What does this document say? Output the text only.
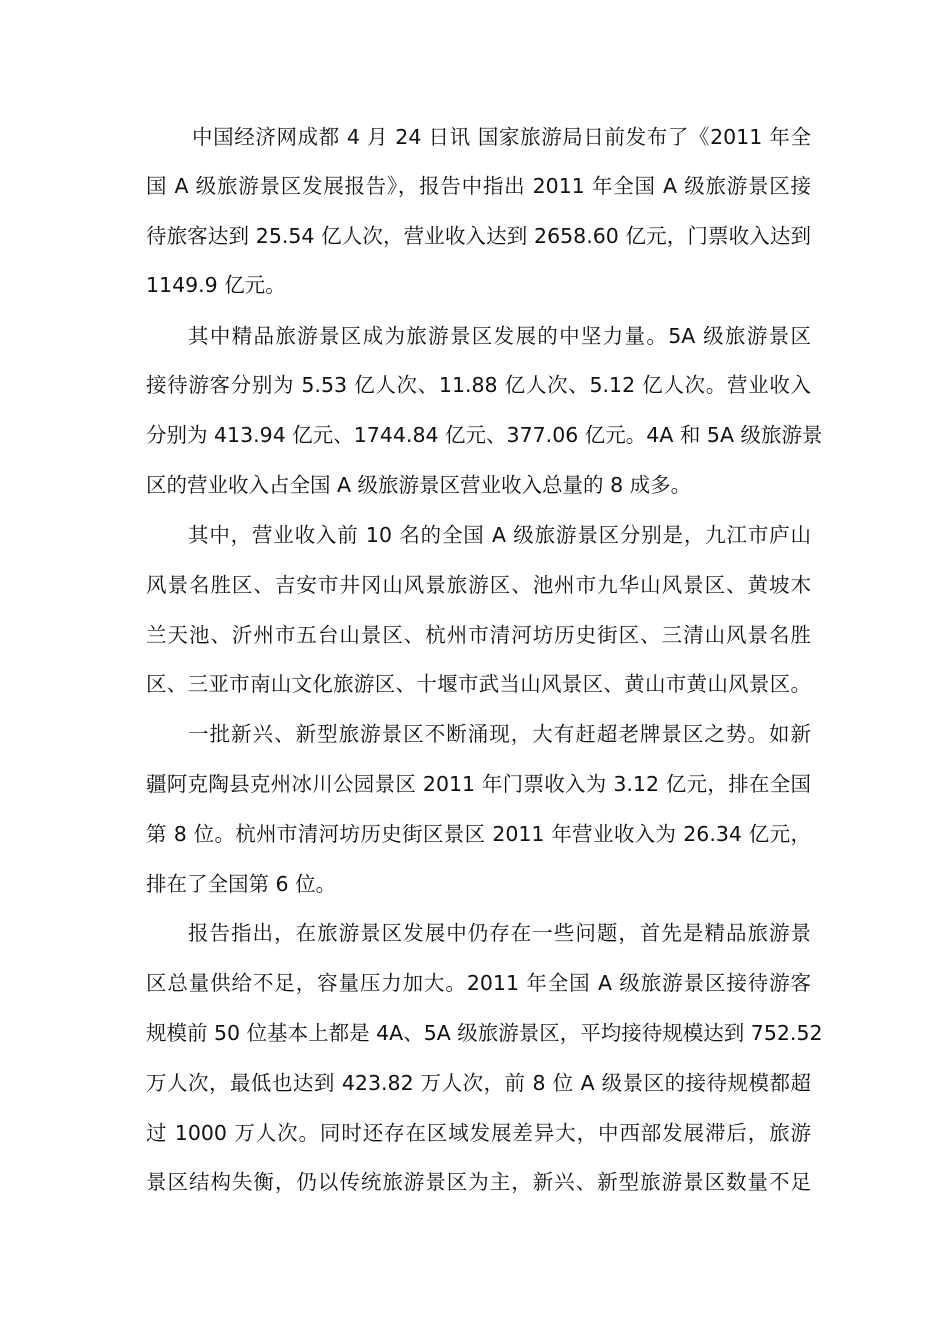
中国经济网成都 4 月 24 日讯 国家旅游局日前发布了《2011 年全
国 A 级旅游景区发展报告》，报告中指出 2011 年全国 A 级旅游景区接
待旅客达到 25.54 亿人次，营业收入达到 2658.60 亿元，门票收入达到
1149.9 亿元。
其中精品旅游景区成为旅游景区发展的中坚力量。5A 级旅游景区
接待游客分别为 5.53 亿人次、11.88 亿人次、5.12 亿人次。营业收入
分别为 413.94 亿元、1744.84 亿元、377.06 亿元。4A 和 5A 级旅游景
区的营业收入占全国 A 级旅游景区营业收入总量的 8 成多。
其中，营业收入前 10 名的全国 A 级旅游景区分别是，九江市庐山
风景名胜区、吉安市井冈山风景旅游区、池州市九华山风景区、黄坡木
兰天池、沂州市五台山景区、杭州市清河坊历史街区、三清山风景名胜
区、三亚市南山文化旅游区、十堰市武当山风景区、黄山市黄山风景区。
一批新兴、新型旅游景区不断涌现，大有赶超老牌景区之势。如新
疆阿克陶县克州冰川公园景区 2011 年门票收入为 3.12 亿元，排在全国
第 8 位。杭州市清河坊历史街区景区 2011 年营业收入为 26.34 亿元，
排在了全国第 6 位。
报告指出，在旅游景区发展中仍存在一些问题，首先是精品旅游景
区总量供给不足，容量压力加大。2011 年全国 A 级旅游景区接待游客
规模前 50 位基本上都是 4A、5A 级旅游景区，平均接待规模达到 752.52
万人次，最低也达到 423.82 万人次，前 8 位 A 级景区的接待规模都超
过 1000 万人次。同时还存在区域发展差异大，中西部发展滞后，旅游
景区结构失衡，仍以传统旅游景区为主，新兴、新型旅游景区数量不足
